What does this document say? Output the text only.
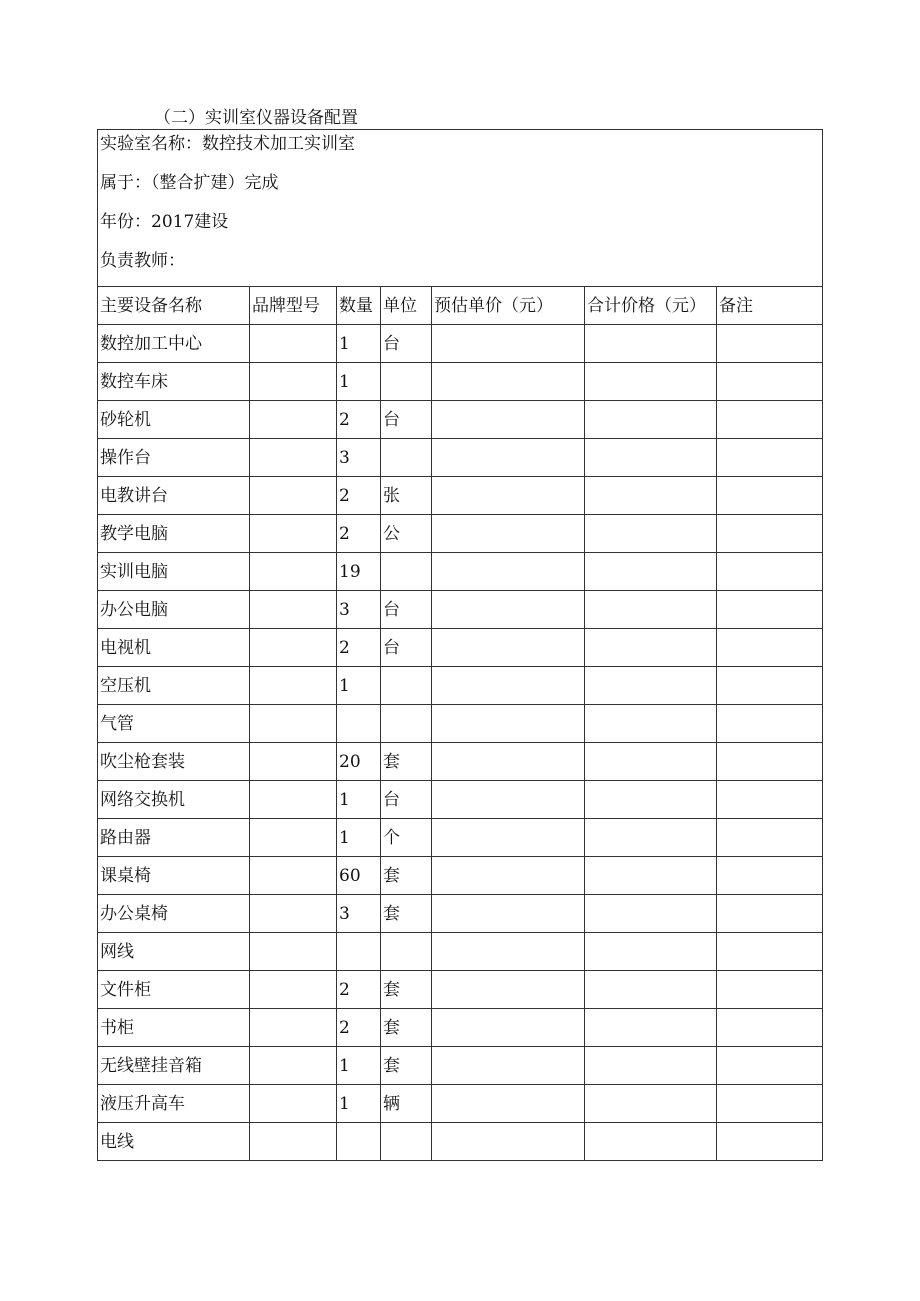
（二）实训室仪器设备配置
实验室名称：数控技术加工实训室
属于：（整合扩建）完成
年份：2017建设
负责教师：						

主要设备名称	品牌型号	数量	单位	预估单价（元）	合计价格（元）	备注
数控加工中心		1	台			
数控车床		1				
砂轮机		2	台			
操作台		3				
电教讲台		2	张			
教学电脑		2	公			
实训电脑		19				
办公电脑		3	台			
电视机		2	台			
空压机		1				
气管						
吹尘枪套装		20	套			
网络交换机		1	台			
路由器		1	个			
课桌椅		60	套			
办公桌椅		3	套			
网线						
文件柜		2	套			
书柜		2	套			
无线壁挂音箱		1	套			
液压升高车		1	辆			
电线						
